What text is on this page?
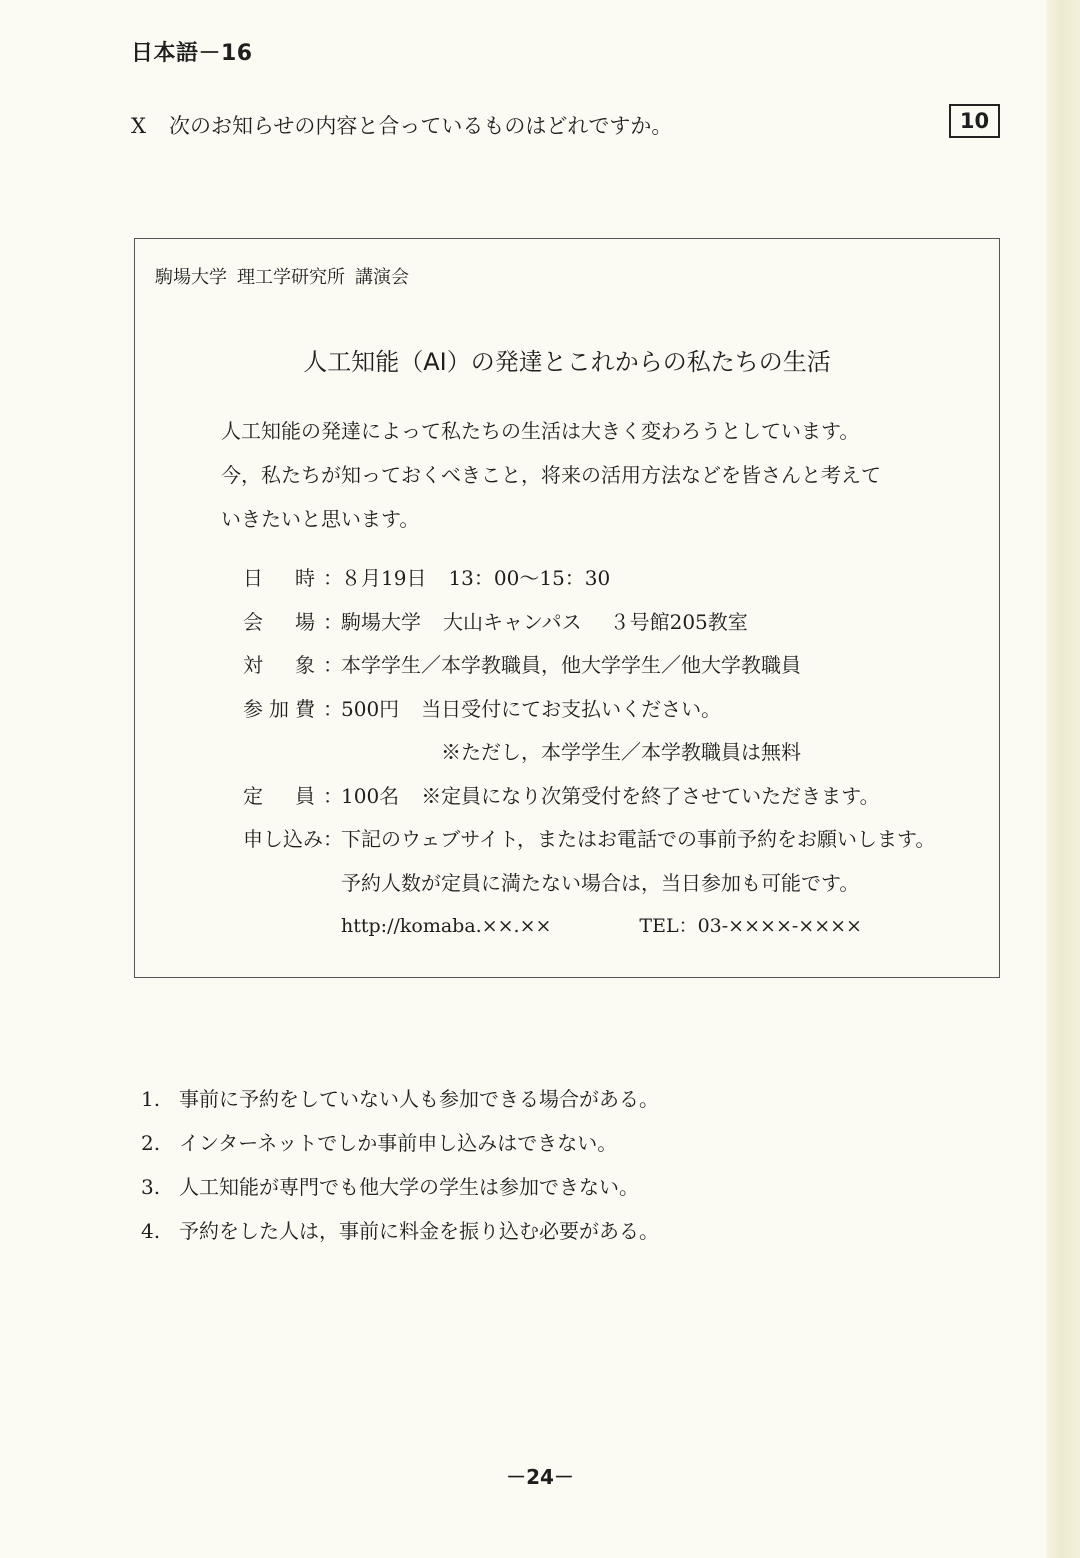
日本語－16
X 次のお知らせの内容と合っているものはどれですか。	10
駒場大学 理工学研究所 講演会
人工知能（AI）の発達とこれからの私たちの生活
人工知能の発達によって私たちの生活は大きく変わろうとしています。
今，私たちが知っておくべきこと，将来の活用方法などを皆さんと考えて
いきたいと思います。
日 時 ：
８月19日 13：00～15：30
会 場 ：
駒場大学 大山キャンパス ３号館205教室
対 象 ：
本学学生／本学教職員，他大学学生／他大学教職員
参 加 費 ：
500円 当日受付にてお支払いください。
※ただし，本学学生／本学教職員は無料
定 員 ：
100名 ※定員になり次第受付を終了させていただきます。
申し込み ：
下記のウェブサイト，またはお電話での事前予約をお願いします。
予約人数が定員に満たない場合は，当日参加も可能です。
http://komaba.××.××	TEL：03-××××-××××
1. 事前に予約をしていない人も参加できる場合がある。
2. インターネットでしか事前申し込みはできない。
3. 人工知能が専門でも他大学の学生は参加できない。
4. 予約をした人は，事前に料金を振り込む必要がある。
－24－
